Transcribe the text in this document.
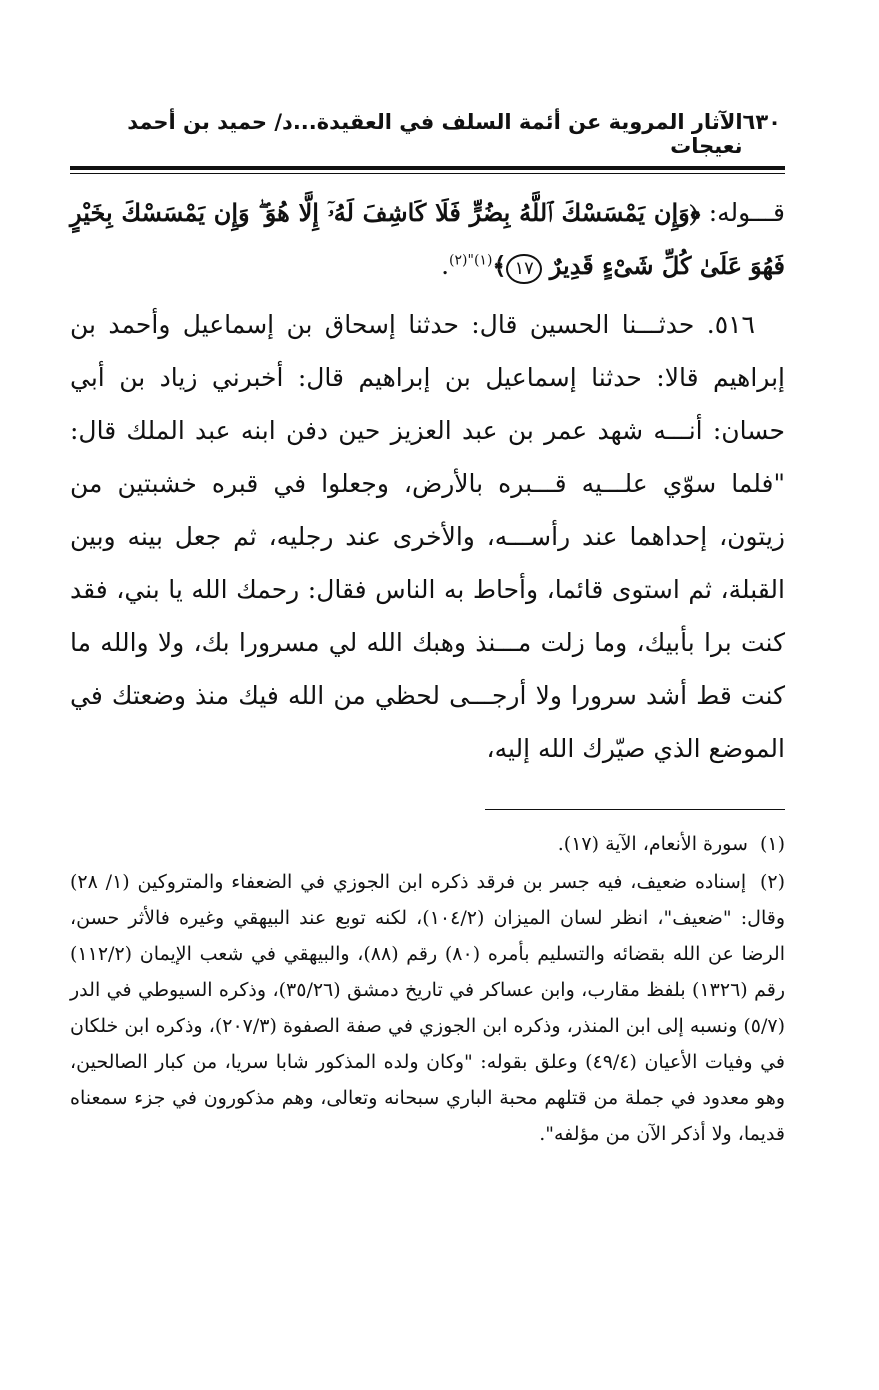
٦٣٠
الآثار المروية عن أئمة السلف في العقيدة...د/ حميد بن أحمد نعيجات
قـــوله: ﴿وَإِن يَمْسَسْكَ ٱللَّهُ بِضُرٍّ فَلَا كَاشِفَ لَهُۥٓ إِلَّا هُوَ ۖ وَإِن يَمْسَسْكَ بِخَيْرٍ فَهُوَ عَلَىٰ كُلِّ شَىْءٍ قَدِيرٌ ١٧﴾$^{(١)"(٢)}$.
٥١٦. حدثـــنا الحسين قال: حدثنا إسحاق بن إسماعيل وأحمد بن إبراهيم قالا: حدثنا إسماعيل بن إبراهيم قال: أخبرني زياد بن أبي حسان: أنـــه شهد عمر بن عبد العزيز حين دفن ابنه عبد الملك قال: "فلما سوّي علـــيه قـــبره بالأرض، وجعلوا في قبره خشبتين من زيتون، إحداهما عند رأســـه، والأخرى عند رجليه، ثم جعل بينه وبين القبلة، ثم استوى قائما، وأحاط به الناس فقال: رحمك الله يا بني، فقد كنت برا بأبيك، وما زلت مـــنذ وهبك الله لي مسرورا بك، ولا والله ما كنت قط أشد سرورا ولا أرجـــى لحظي من الله فيك منذ وضعتك في الموضع الذي صيّرك الله إليه،
(١) سورة الأنعام، الآية (١٧).
(٢) إسناده ضعيف، فيه جسر بن فرقد ذكره ابن الجوزي في الضعفاء والمتروكين (١/ ٢٨) وقال: "ضعيف"، انظر لسان الميزان (١٠٤/٢)، لكنه توبع عند البيهقي وغيره فالأثر حسن، الرضا عن الله بقضائه والتسليم بأمره (٨٠) رقم (٨٨)، والبيهقي في شعب الإيمان (١١٢/٢) رقم (١٣٢٦) بلفظ مقارب، وابن عساكر في تاريخ دمشق (٣٥/٢٦)، وذكره السيوطي في الدر (٥/٧) ونسبه إلى ابن المنذر، وذكره ابن الجوزي في صفة الصفوة (٢٠٧/٣)، وذكره ابن خلكان في وفيات الأعيان (٤٩/٤) وعلق بقوله: "وكان ولده المذكور شابا سريا، من كبار الصالحين، وهو معدود في جملة من قتلهم محبة الباري سبحانه وتعالى، وهم مذكورون في جزء سمعناه قديما، ولا أذكر الآن من مؤلفه".
